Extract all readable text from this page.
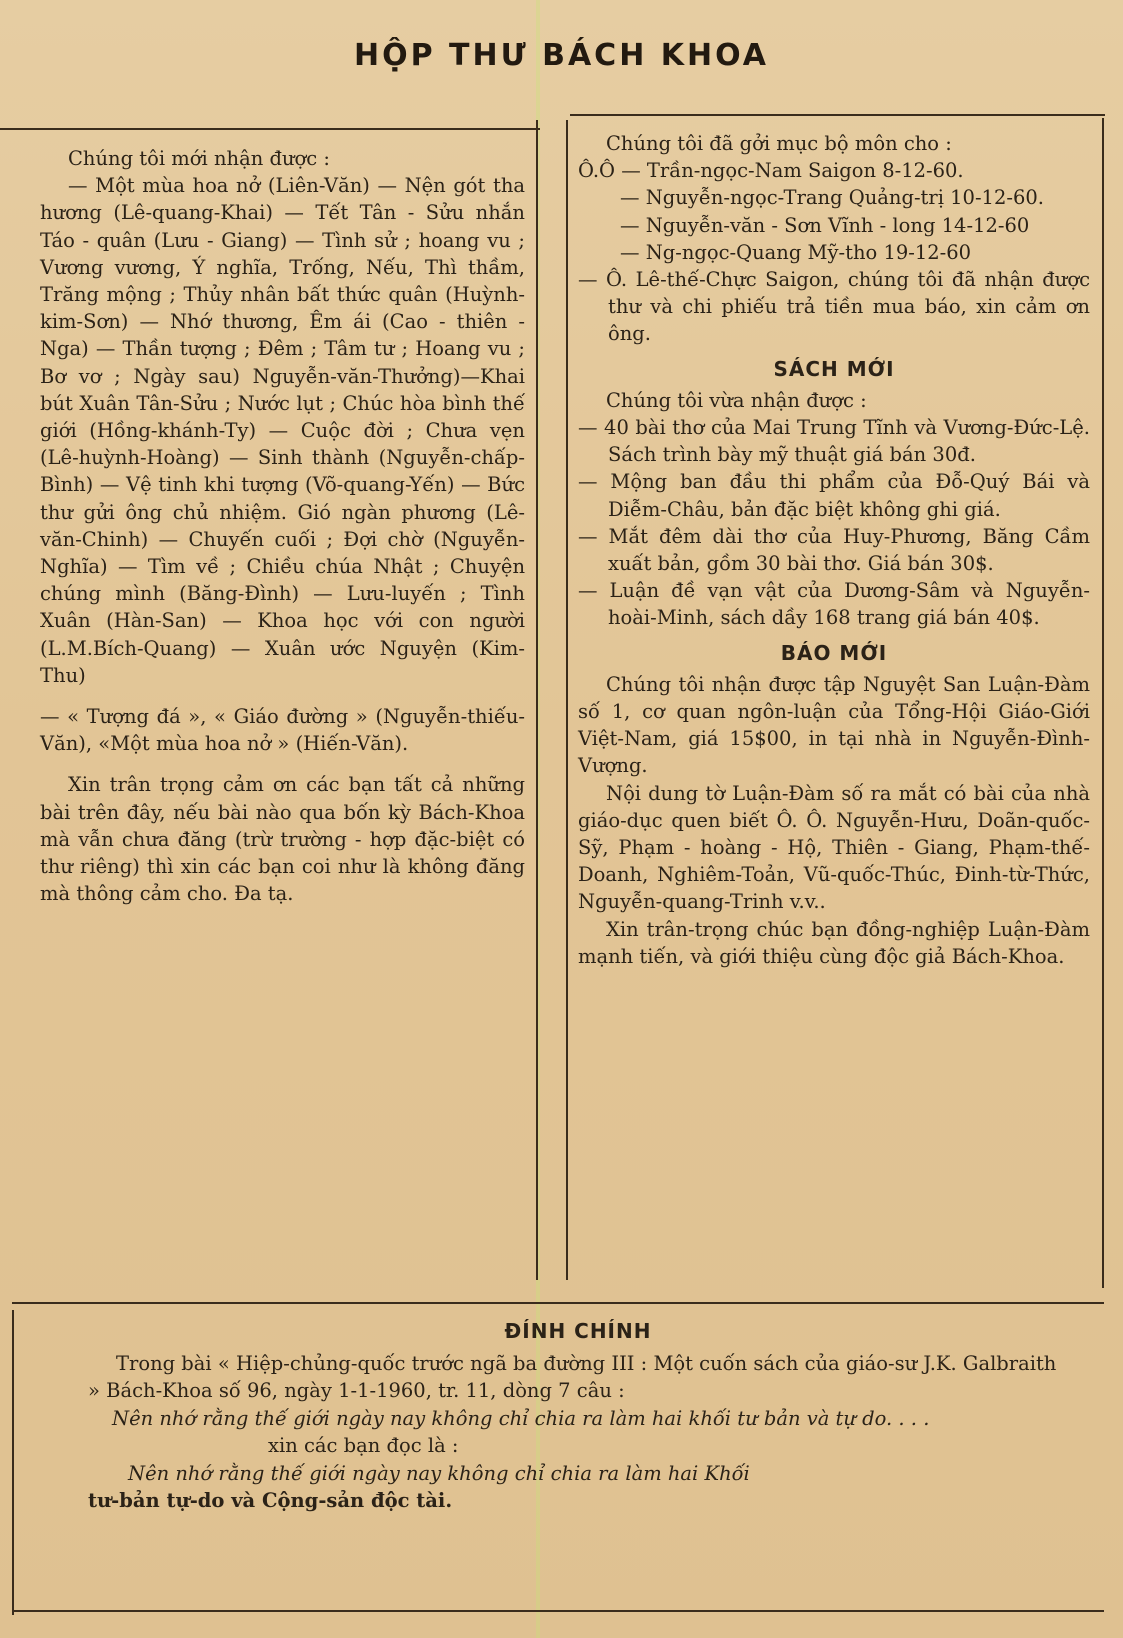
HỘP THƯ BÁCH KHOA

Chúng tôi mới nhận được :

— Một mùa hoa nở (Liên-Văn) — Nện gót tha hương (Lê-quang-Khai) — Tết Tân - Sửu nhắn Táo - quân (Lưu - Giang) — Tình sử ; hoang vu ; Vương vương, Ý nghĩa, Trống, Nếu, Thì thầm, Trăng mộng ; Thủy nhân bất thức quân (Huỳnh-kim-Sơn) — Nhớ thương, Êm ái (Cao - thiên - Nga) — Thần tượng ; Đêm ; Tâm tư ; Hoang vu ; Bơ vơ ; Ngày sau) Nguyễn-văn-Thưởng)—Khai bút Xuân Tân-Sửu ; Nước lụt ; Chúc hòa bình thế giới (Hồng-khánh-Ty) — Cuộc đời ; Chưa vẹn (Lê-huỳnh-Hoàng) — Sinh thành (Nguyễn-chấp-Bình) — Vệ tinh khi tượng (Võ-quang-Yến) — Bức thư gửi ông chủ nhiệm. Gió ngàn phương (Lê-văn-Chinh) — Chuyến cuối ; Đợi chờ (Nguyễn-Nghĩa) — Tìm về ; Chiều chúa Nhật ; Chuyện chúng mình (Băng-Đình) — Lưu-luyến ; Tình Xuân (Hàn-San) — Khoa học với con người (L.M.Bích-Quang) — Xuân ước Nguyện (Kim-Thu)

— « Tượng đá », « Giáo đường » (Nguyễn-thiếu-Văn), «Một mùa hoa nở » (Hiến-Văn).

Xin trân trọng cảm ơn các bạn tất cả những bài trên đây, nếu bài nào qua bốn kỳ Bách-Khoa mà vẫn chưa đăng (trừ trường - hợp đặc-biệt có thư riêng) thì xin các bạn coi như là không đăng mà thông cảm cho. Đa tạ.

Chúng tôi đã gởi mục bộ môn cho :

Ô.Ô — Trần-ngọc-Nam Saigon 8-12-60.

— Nguyễn-ngọc-Trang Quảng-trị 10-12-60.

— Nguyễn-văn - Sơn Vĩnh - long 14-12-60

— Ng-ngọc-Quang Mỹ-tho 19-12-60

— Ô. Lê-thế-Chực Saigon, chúng tôi đã nhận được thư và chi phiếu trả tiền mua báo, xin cảm ơn ông.

SÁCH MỚI

Chúng tôi vừa nhận được :

— 40 bài thơ của Mai Trung Tĩnh và Vương-Đức-Lệ. Sách trình bày mỹ thuật giá bán 30đ.

— Mộng ban đầu thi phẩm của Đỗ-Quý Bái và Diễm-Châu, bản đặc biệt không ghi giá.

— Mắt đêm dài thơ của Huy-Phương, Băng Cầm xuất bản, gồm 30 bài thơ. Giá bán 30$.

— Luận đề vạn vật của Dương-Sâm và Nguyễn-hoài-Minh, sách dầy 168 trang giá bán 40$.

BÁO MỚI

Chúng tôi nhận được tập Nguyệt San Luận-Đàm số 1, cơ quan ngôn-luận của Tổng-Hội Giáo-Giới Việt-Nam, giá 15$00, in tại nhà in Nguyễn-Đình-Vượng.

Nội dung tờ Luận-Đàm số ra mắt có bài của nhà giáo-dục quen biết Ô. Ô. Nguyễn-Hưu, Doãn-quốc-Sỹ, Phạm - hoàng - Hộ, Thiên - Giang, Phạm-thế-Doanh, Nghiêm-Toản, Vũ-quốc-Thúc, Đinh-từ-Thức, Nguyễn-quang-Trinh v.v..

Xin trân-trọng chúc bạn đồng-nghiệp Luận-Đàm mạnh tiến, và giới thiệu cùng độc giả Bách-Khoa.

ĐÍNH CHÍNH

Trong bài « Hiệp-chủng-quốc trước ngã ba đường III : Một cuốn sách của giáo-sư J.K. Galbraith » Bách-Khoa số 96, ngày 1-1-1960, tr. 11, dòng 7 câu :

Nên nhớ rằng thế giới ngày nay không chỉ chia ra làm hai khối tư bản và tự do. . . .

xin các bạn đọc là :

Nên nhớ rằng thế giới ngày nay không chỉ chia ra làm hai Khối

tư-bản tự-do và Cộng-sản độc tài.
